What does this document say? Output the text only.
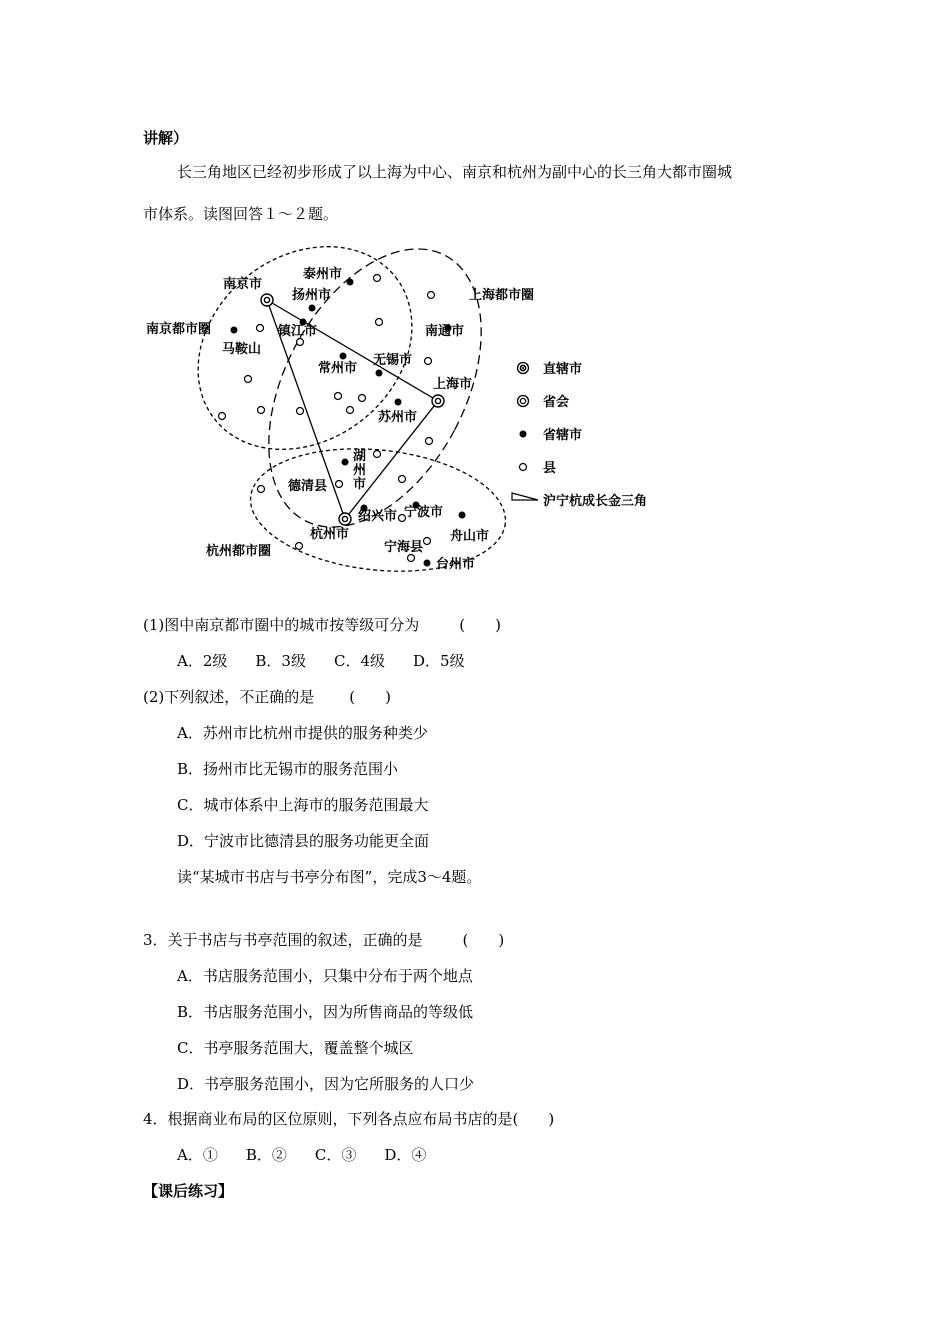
讲解）
长三角地区已经初步形成了以上海为中心、南京和杭州为副中心的长三角大都市圈城
市体系。读图回答１～２题。
南京市
泰州市
扬州市	上海都市圈
南京都市圈	镇江市	南通市
马鞍山
常州市
无锡市
上海市
苏州市
湖
州
市
德清县
绍兴市 宁波市
杭州市	舟山市
宁海县
杭州都市圈
台州市
直辖市
省会
省辖市
县
沪宁杭成长金三角
(1)图中南京都市圈中的城市按等级可分为	(　　)
A．2级 B．3级 C．4级 D．5级
(2)下列叙述，不正确的是 (　　)
A．苏州市比杭州市提供的服务种类少
B．扬州市比无锡市的服务范围小
C．城市体系中上海市的服务范围最大
D．宁波市比德清县的服务功能更全面
读“某城市书店与书亭分布图”，完成3～4题。
3．关于书店与书亭范围的叙述，正确的是	(　　)
A．书店服务范围小，只集中分布于两个地点
B．书店服务范围小，因为所售商品的等级低
C．书亭服务范围大，覆盖整个城区
D．书亭服务范围小，因为它所服务的人口少
4．根据商业布局的区位原则，下列各点应布局书店的是(　　)
A．① B．② C．③ D．④
【课后练习】
